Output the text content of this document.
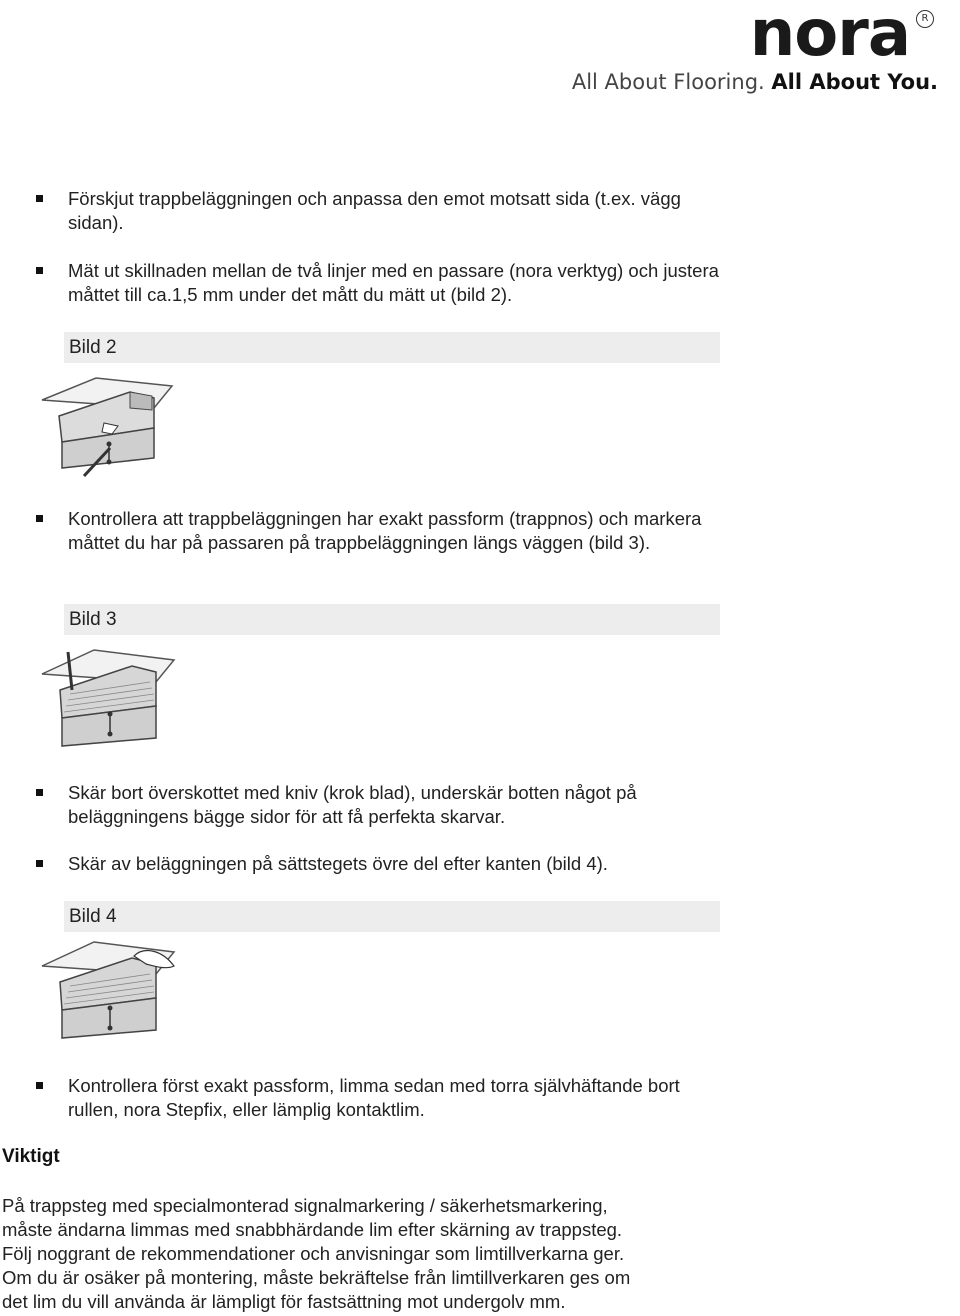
nora	R
All About Flooring. All About You.
Förskjut trappbeläggningen och anpassa den emot motsatt sida (t.ex. vägg sidan).
Mät ut skillnaden mellan de två linjer med en passare (nora verktyg) och justera måttet till ca.1,5 mm under det mått du mätt ut (bild 2).
Bild 2
Kontrollera att trappbeläggningen har exakt passform (trappnos) och markera måttet du har på passaren på trappbeläggningen längs väggen (bild 3).
Bild 3
Skär bort överskottet med kniv (krok blad), underskär botten något på beläggningens bägge sidor för att få perfekta skarvar.
Skär av beläggningen på sättstegets övre del efter kanten (bild 4).
Bild 4
Kontrollera först exakt passform, limma sedan med torra självhäftande bort rullen, nora Stepfix, eller lämplig kontaktlim.
Viktigt
På trappsteg med specialmonterad signalmarkering / säkerhetsmarkering,
måste ändarna limmas med snabbhärdande lim efter skärning av trappsteg.
Följ noggrant de rekommendationer och anvisningar som limtillverkarna ger.
Om du är osäker på montering, måste bekräftelse från limtillverkaren ges om
det lim du vill använda är lämpligt för fastsättning mot undergolv mm.
